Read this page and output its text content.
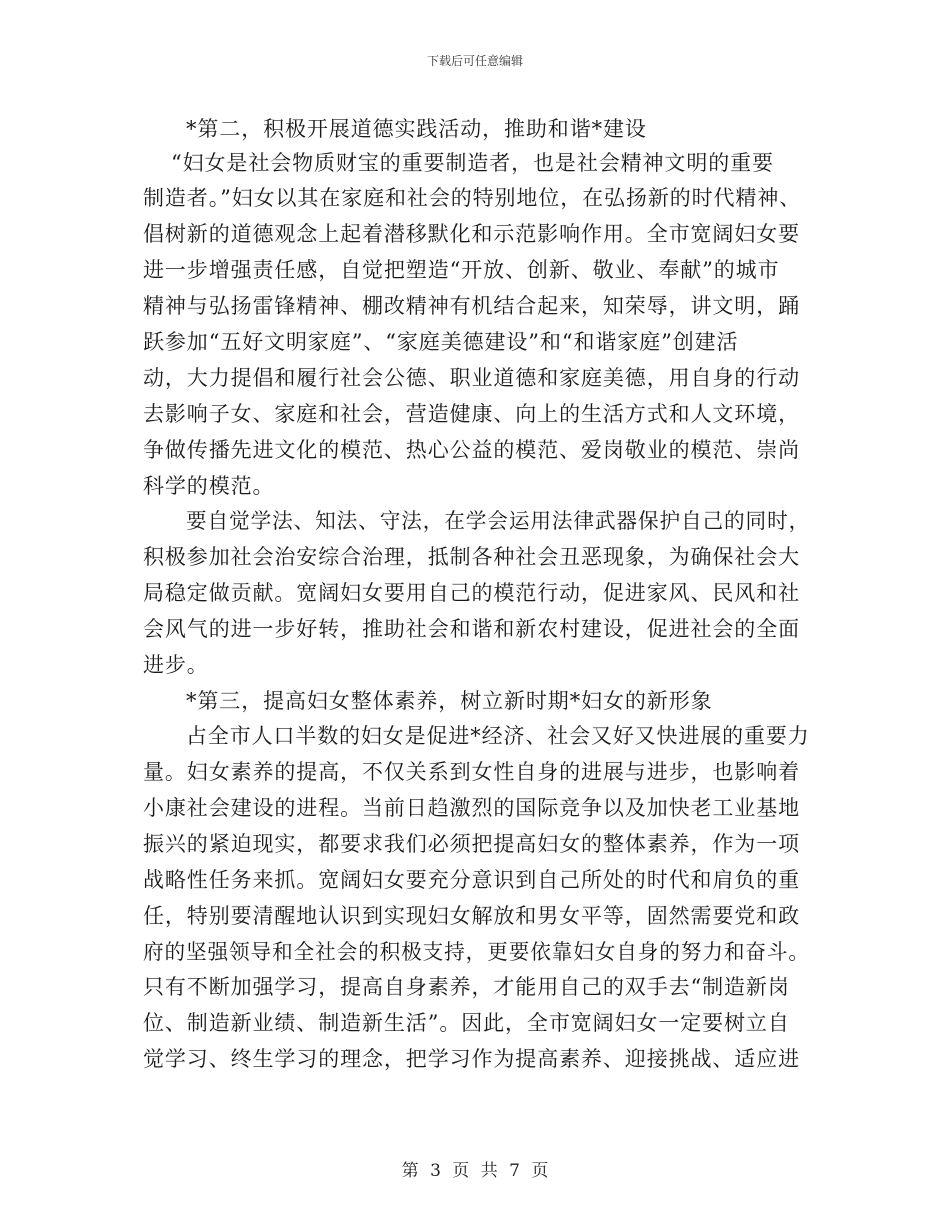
下载后可任意编辑
*第二，积极开展道德实践活动，推助和谐*建设
“妇女是社会物质财宝的重要制造者，也是社会精神文明的重要
制造者。”妇女以其在家庭和社会的特别地位，在弘扬新的时代精神、
倡树新的道德观念上起着潜移默化和示范影响作用。全市宽阔妇女要
进一步增强责任感，自觉把塑造“开放、创新、敬业、奉献”的城市
精神与弘扬雷锋精神、棚改精神有机结合起来，知荣辱，讲文明，踊
跃参加“五好文明家庭”、“家庭美德建设”和“和谐家庭”创建活
动，大力提倡和履行社会公德、职业道德和家庭美德，用自身的行动
去影响子女、家庭和社会，营造健康、向上的生活方式和人文环境，
争做传播先进文化的模范、热心公益的模范、爱岗敬业的模范、崇尚
科学的模范。
要自觉学法、知法、守法，在学会运用法律武器保护自己的同时，
积极参加社会治安综合治理，抵制各种社会丑恶现象，为确保社会大
局稳定做贡献。宽阔妇女要用自己的模范行动，促进家风、民风和社
会风气的进一步好转，推助社会和谐和新农村建设，促进社会的全面
进步。
*第三，提高妇女整体素养，树立新时期*妇女的新形象
占全市人口半数的妇女是促进*经济、社会又好又快进展的重要力
量。妇女素养的提高，不仅关系到女性自身的进展与进步，也影响着
小康社会建设的进程。当前日趋激烈的国际竞争以及加快老工业基地
振兴的紧迫现实，都要求我们必须把提高妇女的整体素养，作为一项
战略性任务来抓。宽阔妇女要充分意识到自己所处的时代和肩负的重
任，特别要清醒地认识到实现妇女解放和男女平等，固然需要党和政
府的坚强领导和全社会的积极支持，更要依靠妇女自身的努力和奋斗。
只有不断加强学习，提高自身素养，才能用自己的双手去“制造新岗
位、制造新业绩、制造新生活”。因此，全市宽阔妇女一定要树立自
觉学习、终生学习的理念，把学习作为提高素养、迎接挑战、适应进
第 3 页 共 7 页
